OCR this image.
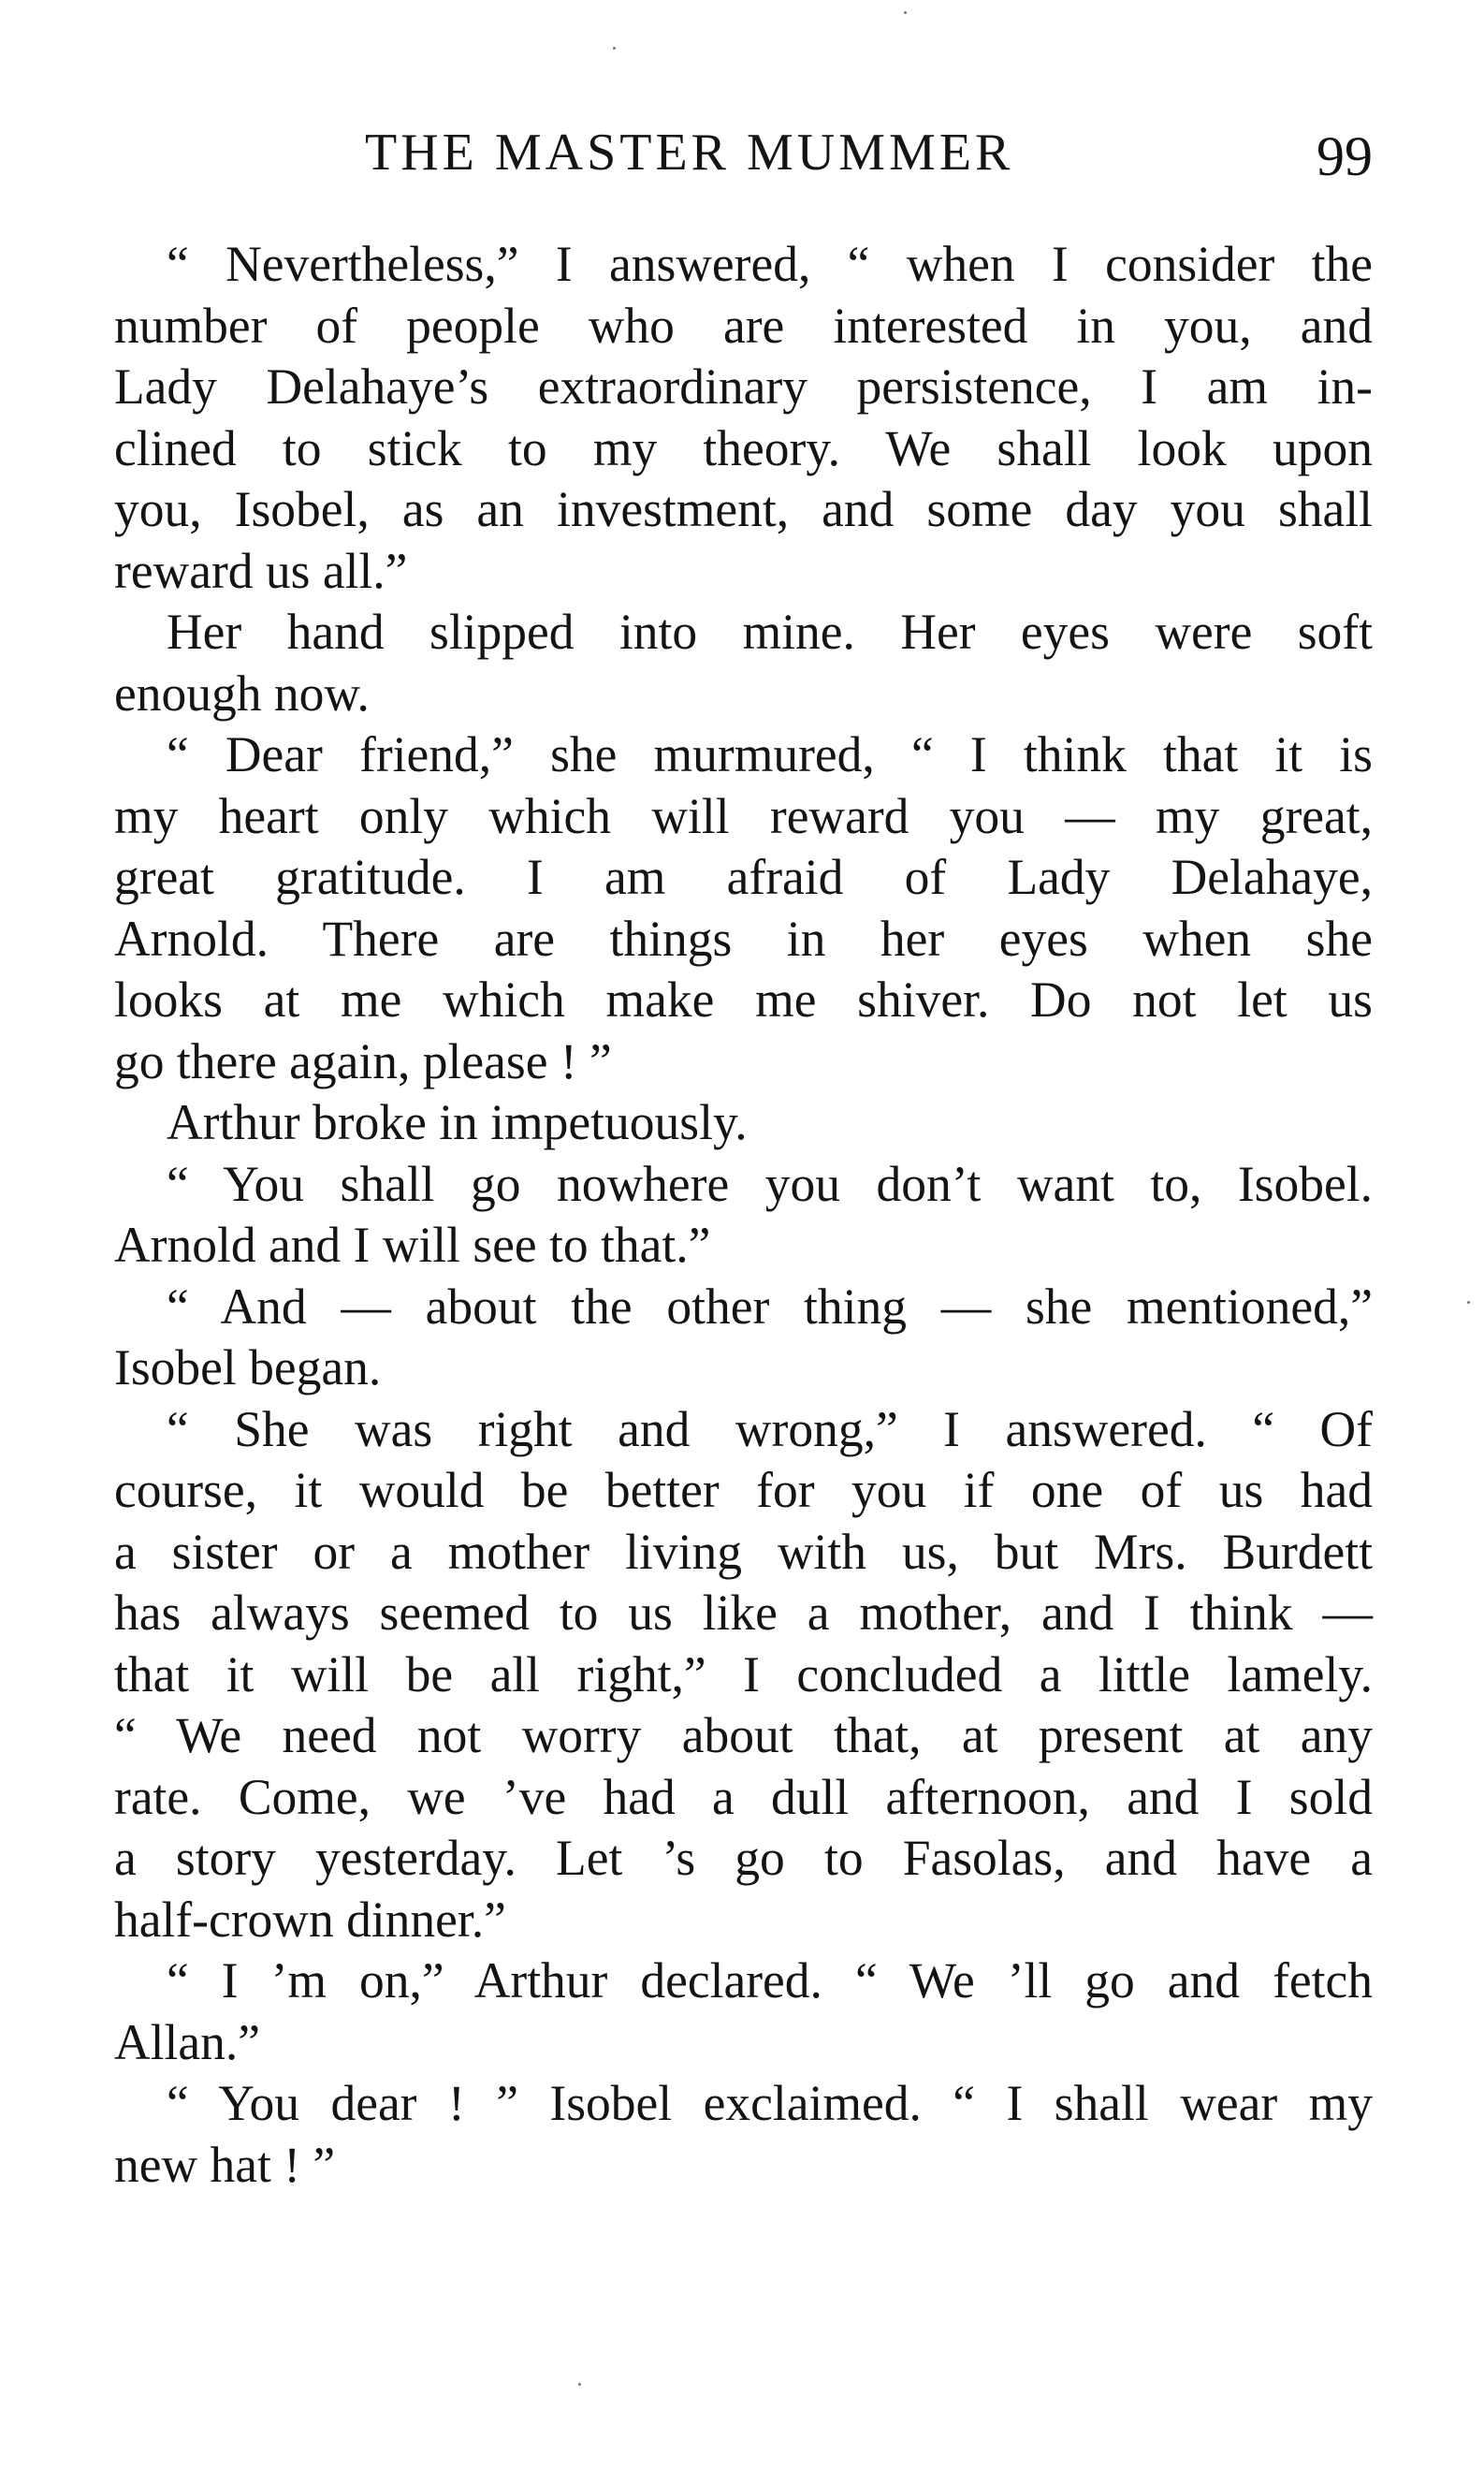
THE MASTER MUMMER	99
“ Nevertheless,” I answered, “ when I consider the
number of people who are interested in you, and
Lady Delahaye’s extraordinary persistence, I am in-
clined to stick to my theory. We shall look upon
you, Isobel, as an investment, and some day you shall
reward us all.”
Her hand slipped into mine. Her eyes were soft
enough now.
“ Dear friend,” she murmured, “ I think that it is
my heart only which will reward you — my great,
great gratitude. I am afraid of Lady Delahaye,
Arnold. There are things in her eyes when she
looks at me which make me shiver. Do not let us
go there again, please ! ”
Arthur broke in impetuously.
“ You shall go nowhere you don’t want to, Isobel.
Arnold and I will see to that.”
“ And — about the other thing — she mentioned,”
Isobel began.
“ She was right and wrong,” I answered. “ Of
course, it would be better for you if one of us had
a sister or a mother living with us, but Mrs. Burdett
has always seemed to us like a mother, and I think —
that it will be all right,” I concluded a little lamely.
“ We need not worry about that, at present at any
rate. Come, we ’ve had a dull afternoon, and I sold
a story yesterday. Let ’s go to Fasolas, and have a
half-crown dinner.”
“ I ’m on,” Arthur declared. “ We ’ll go and fetch
Allan.”
“ You dear ! ” Isobel exclaimed. “ I shall wear my
new hat ! ”
